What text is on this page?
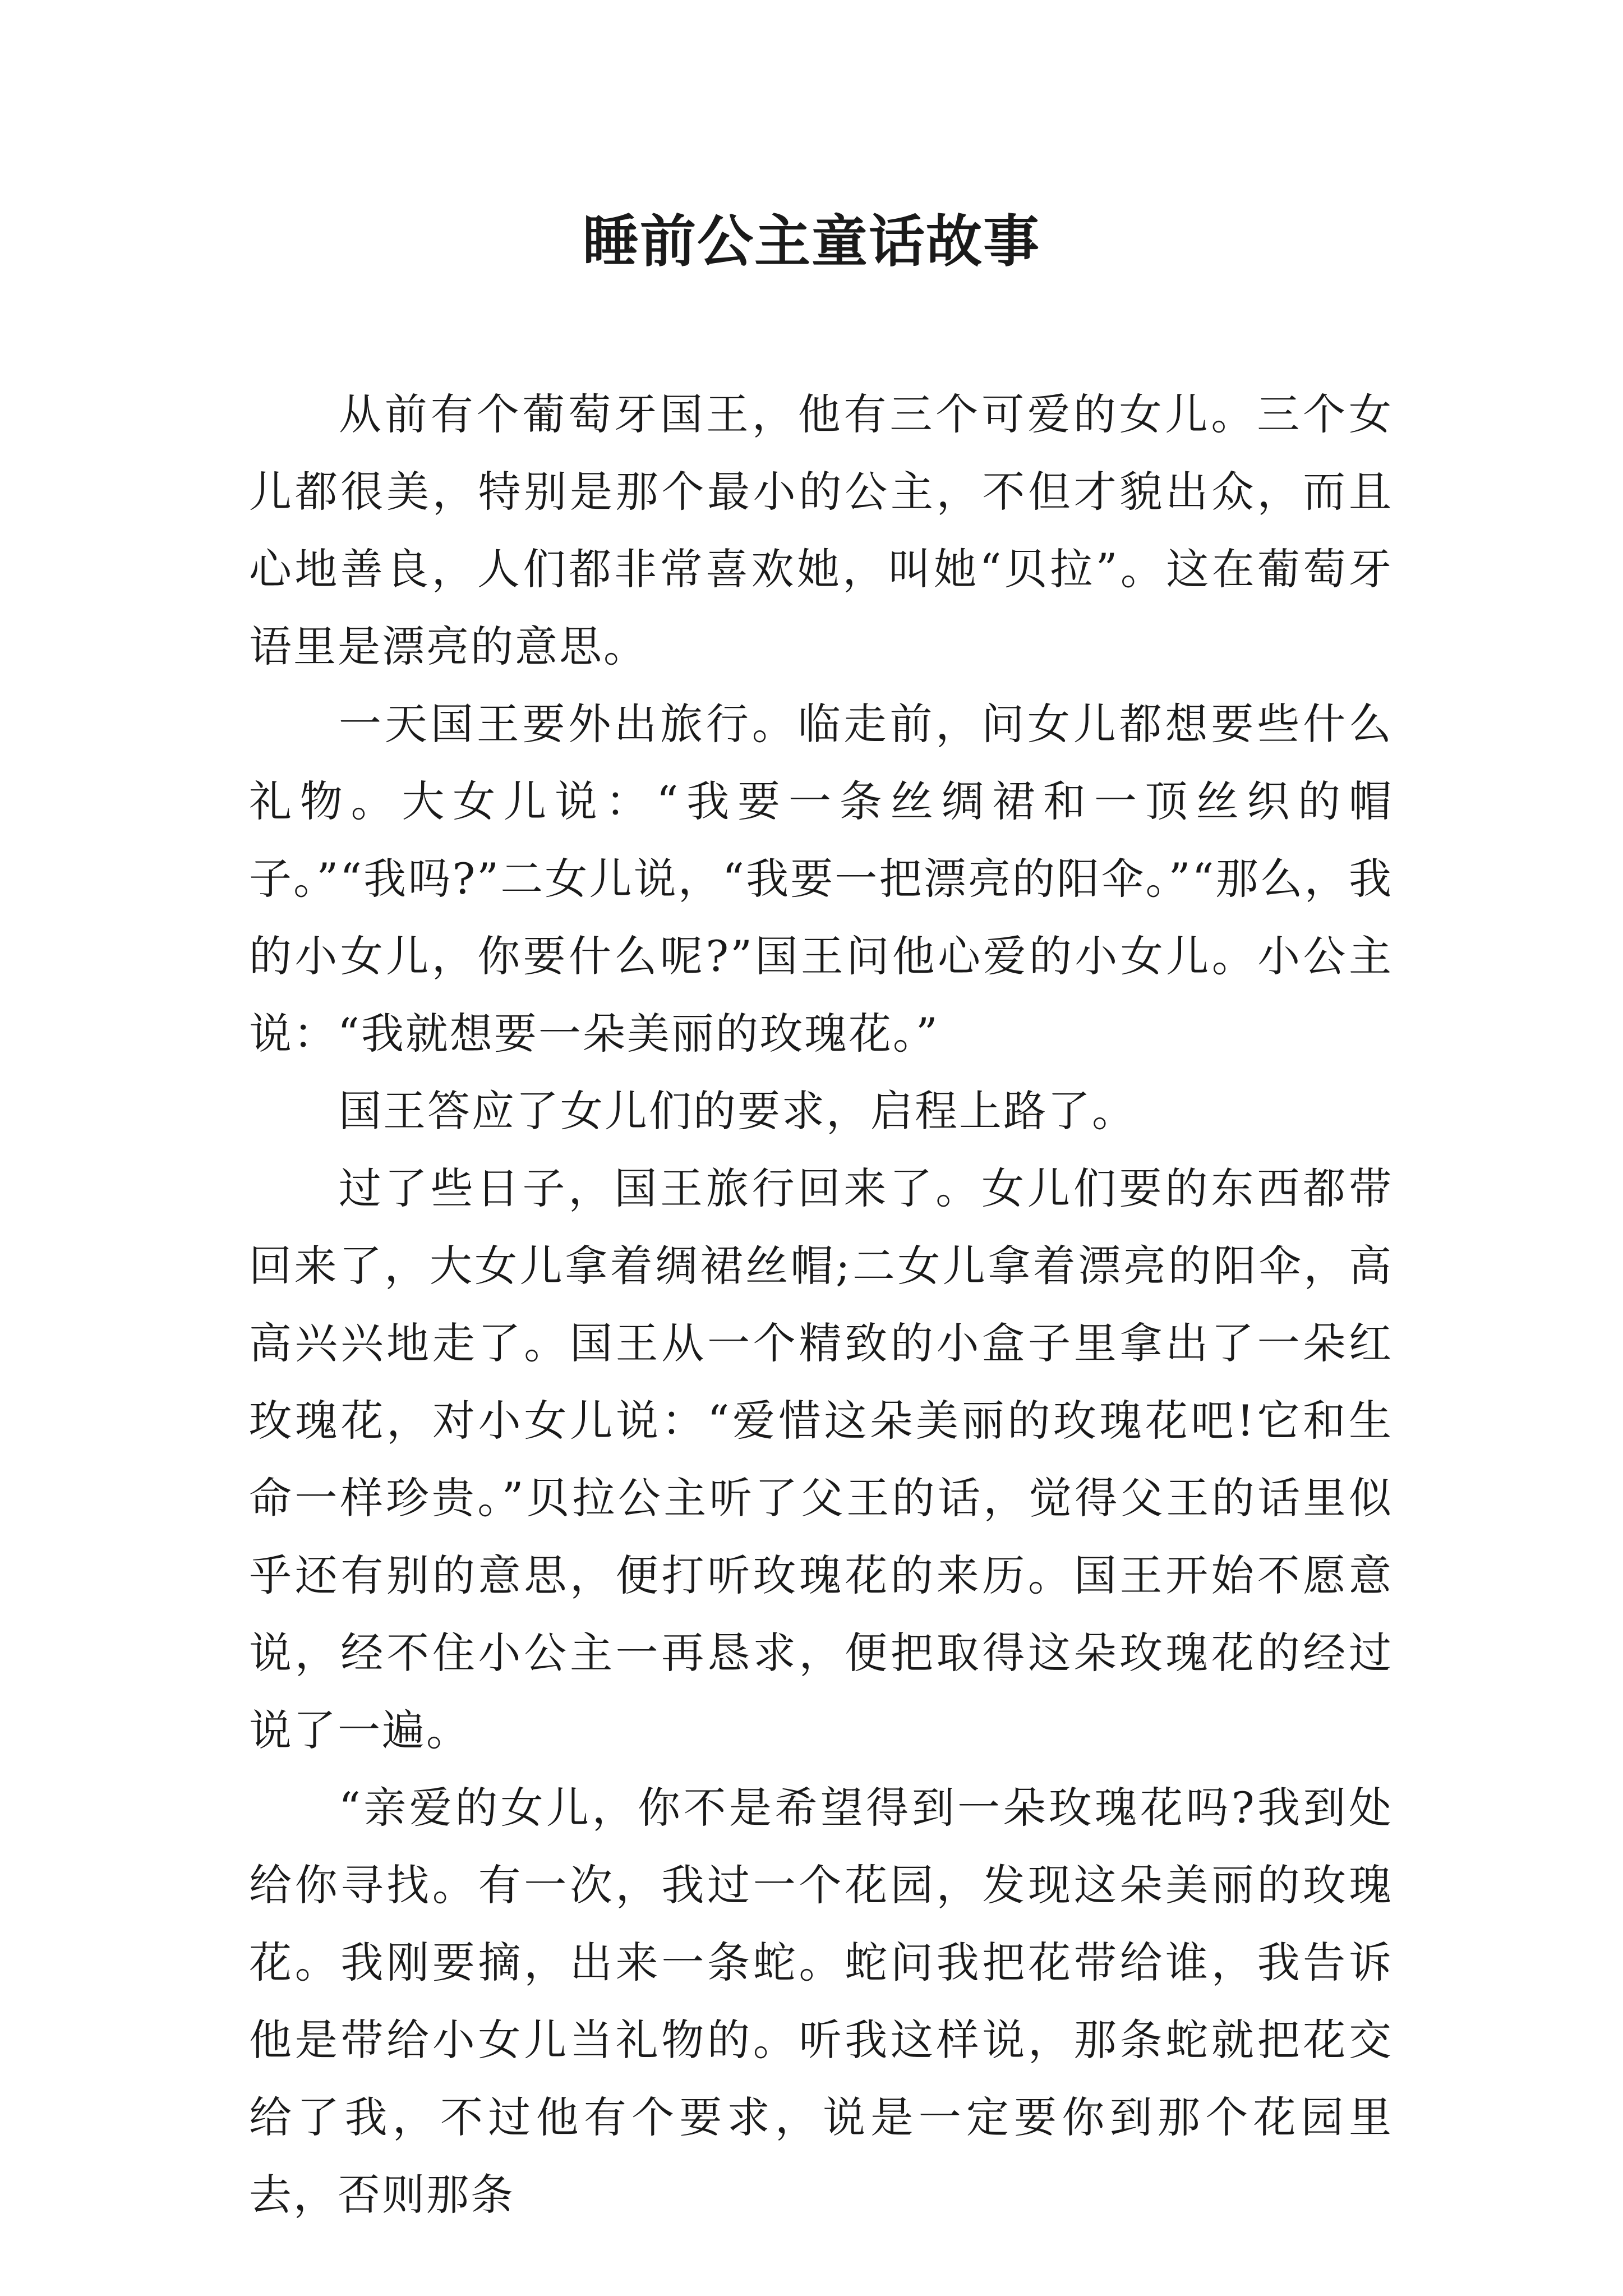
睡前公主童话故事

从前有个葡萄牙国王，他有三个可爱的女儿。三个女儿都很美，特别是那个最小的公主，不但才貌出众，而且心地善良，人们都非常喜欢她，叫她“贝拉”。这在葡萄牙语里是漂亮的意思。

一天国王要外出旅行。临走前，问女儿都想要些什么礼物。大女儿说：“我要一条丝绸裙和一顶丝织的帽子。”“我吗?”二女儿说，“我要一把漂亮的阳伞。”“那么，我的小女儿，你要什么呢?”国王问他心爱的小女儿。小公主说：“我就想要一朵美丽的玫瑰花。”

国王答应了女儿们的要求，启程上路了。

过了些日子，国王旅行回来了。女儿们要的东西都带回来了，大女儿拿着绸裙丝帽;二女儿拿着漂亮的阳伞，高高兴兴地走了。国王从一个精致的小盒子里拿出了一朵红玫瑰花，对小女儿说：“爱惜这朵美丽的玫瑰花吧!它和生命一样珍贵。”贝拉公主听了父王的话，觉得父王的话里似乎还有别的意思，便打听玫瑰花的来历。国王开始不愿意说，经不住小公主一再恳求，便把取得这朵玫瑰花的经过说了一遍。

“亲爱的女儿，你不是希望得到一朵玫瑰花吗?我到处给你寻找。有一次，我过一个花园，发现这朵美丽的玫瑰花。我刚要摘，出来一条蛇。蛇问我把花带给谁，我告诉他是带给小女儿当礼物的。听我这样说，那条蛇就把花交给了我，不过他有个要求，说是一定要你到那个花园里去，否则那条
